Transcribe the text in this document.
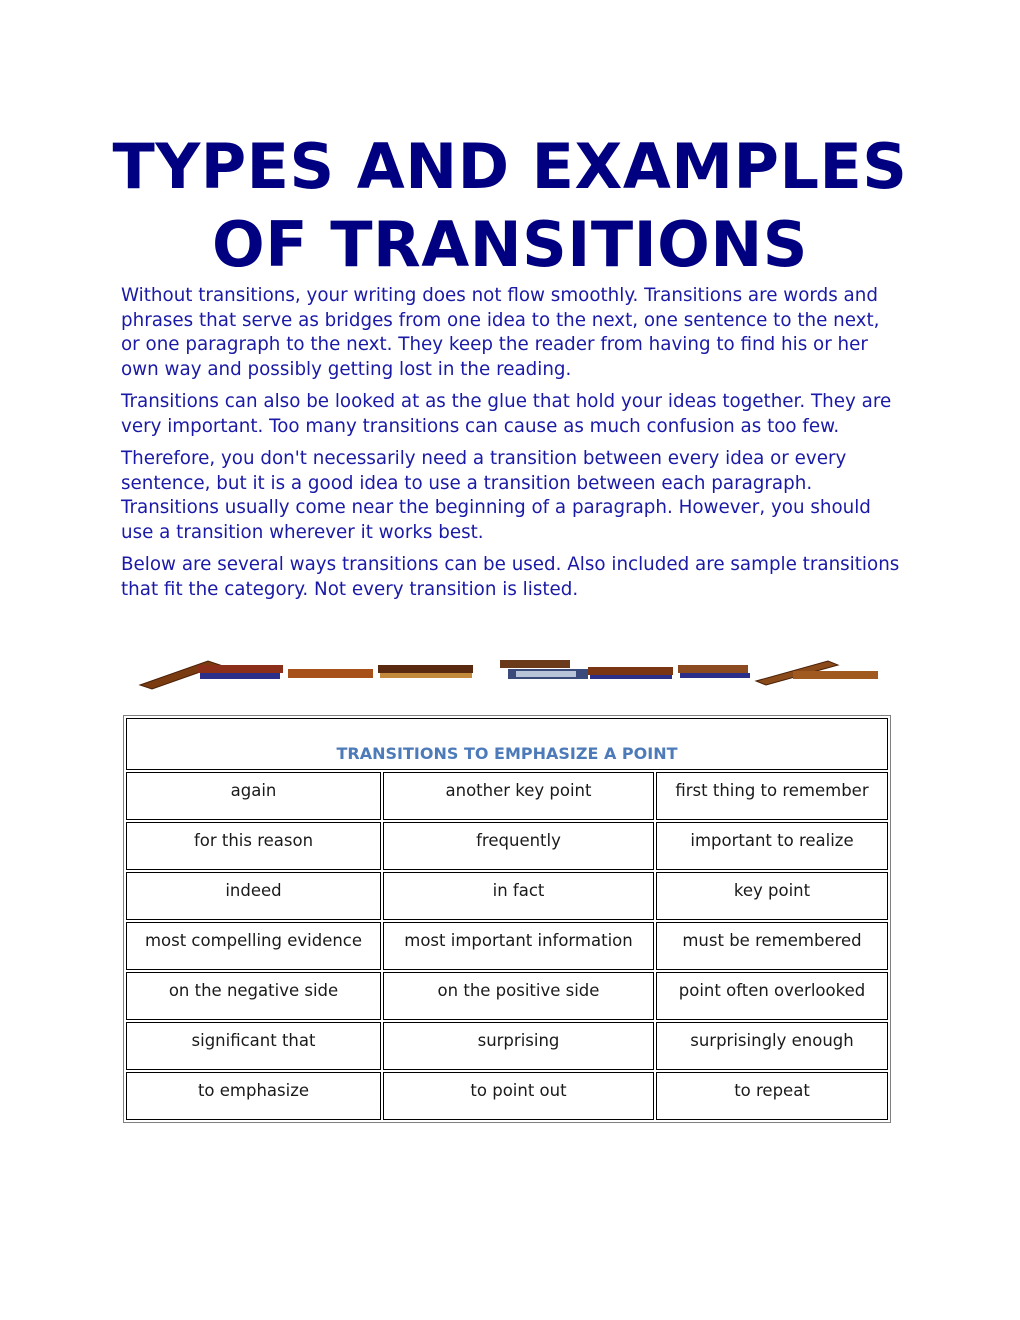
TYPES AND EXAMPLES
OF TRANSITIONS

Without transitions, your writing does not flow smoothly. Transitions are words and phrases that serve as bridges from one idea to the next, one sentence to the next, or one paragraph to the next. They keep the reader from having to find his or her own way and possibly getting lost in the reading.

Transitions can also be looked at as the glue that hold your ideas together. They are very important. Too many transitions can cause as much confusion as too few.

Therefore, you don't necessarily need a transition between every idea or every sentence, but it is a good idea to use a transition between each paragraph. Transitions usually come near the beginning of a paragraph. However, you should use a transition wherever it works best.

Below are several ways transitions can be used. Also included are sample transitions that fit the category. Not every transition is listed.

TRANSITIONS TO EMPHASIZE A POINT		
again	another key point	first thing to remember
for this reason	frequently	important to realize
indeed	in fact	key point
most compelling evidence	most important information	must be remembered
on the negative side	on the positive side	point often overlooked
significant that	surprising	surprisingly enough
to emphasize	to point out	to repeat
